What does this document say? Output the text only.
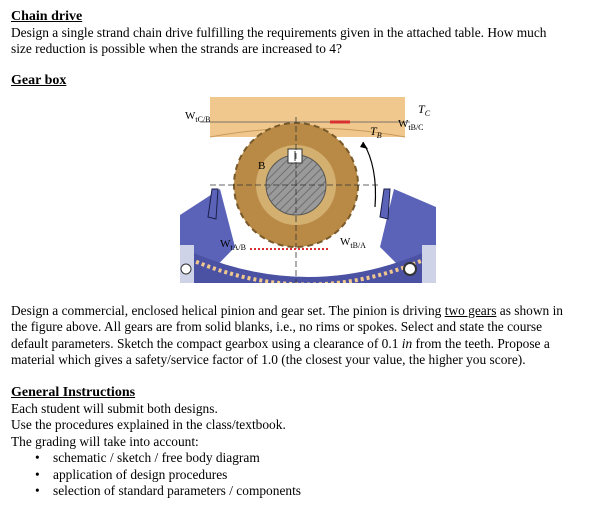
Chain drive

Design a single strand chain drive fulfilling the requirements given in the attached table. How much

size reduction is possible when the strands are increased to 4?

Gear box
$W_{tC/B}$
$T_C$
$T_B$
$W_{tB/C}$
B
$W_{tA/B}$	$W_{tB/A}$

Design a commercial, enclosed helical pinion and gear set. The pinion is driving two gears as shown in

the figure above. All gears are from solid blanks, i.e., no rims or spokes. Select and state the course

default parameters. Sketch the compact gearbox using a clearance of 0.1 in from the teeth. Propose a

material which gives a safety/service factor of 1.0 (the closest your value, the higher you score).

General Instructions

Each student will submit both designs.

Use the procedures explained in the class/textbook.

The grading will take into account:

• schematic / sketch / free body diagram
• application of design procedures
• selection of standard parameters / components
